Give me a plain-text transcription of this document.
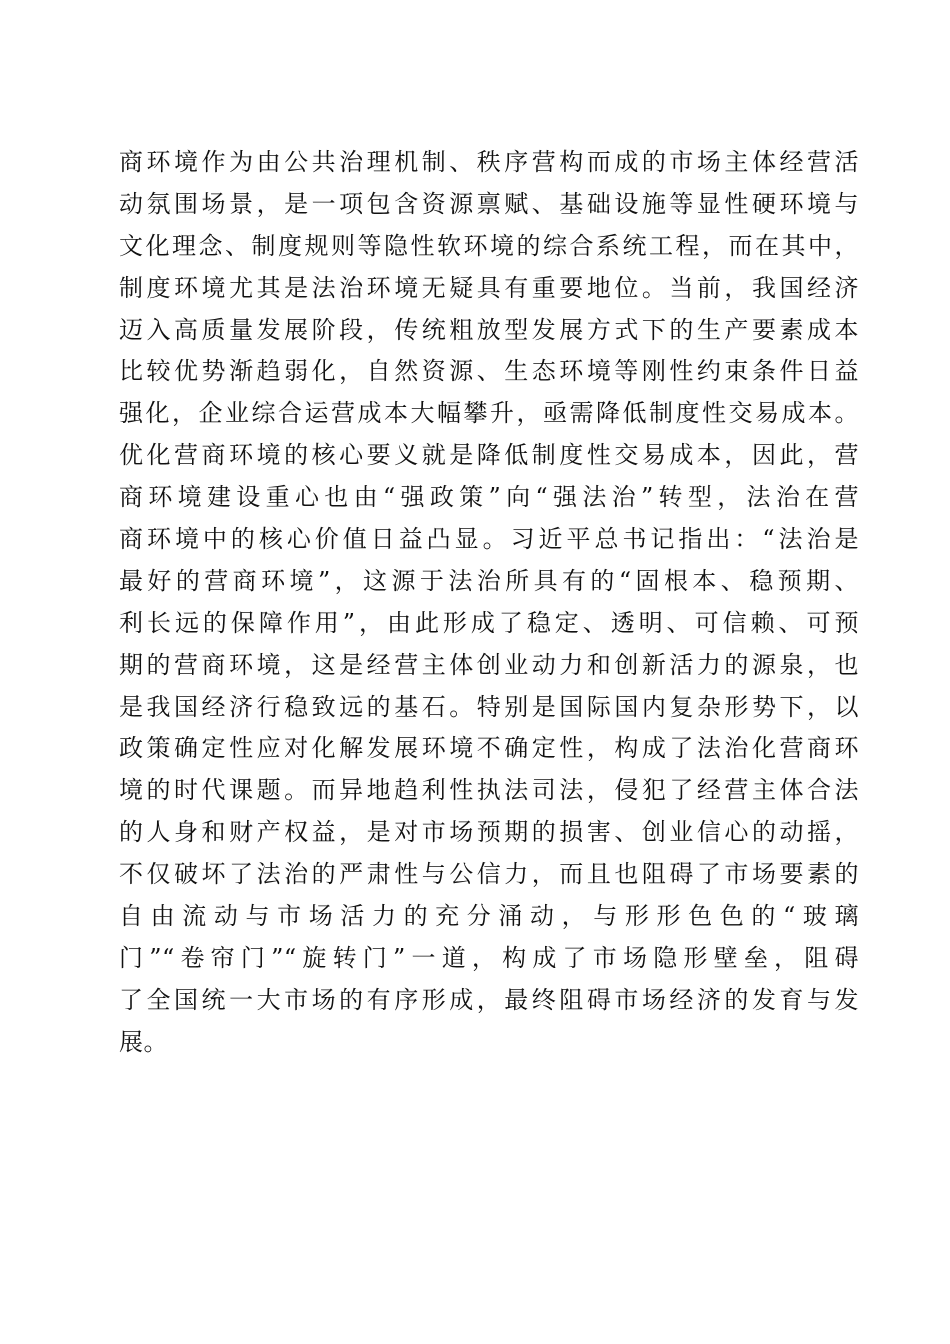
商环境作为由公共治理机制、秩序营构而成的市场主体经营活
动氛围场景，是一项包含资源禀赋、基础设施等显性硬环境与
文化理念、制度规则等隐性软环境的综合系统工程，而在其中，
制度环境尤其是法治环境无疑具有重要地位。当前，我国经济
迈入高质量发展阶段，传统粗放型发展方式下的生产要素成本
比较优势渐趋弱化，自然资源、生态环境等刚性约束条件日益
强化，企业综合运营成本大幅攀升，亟需降低制度性交易成本。
优化营商环境的核心要义就是降低制度性交易成本，因此，营
商环境建设重心也由“强政策”向“强法治”转型，法治在营
商环境中的核心价值日益凸显。习近平总书记指出：“法治是
最好的营商环境”，这源于法治所具有的“固根本、稳预期、
利长远的保障作用”，由此形成了稳定、透明、可信赖、可预
期的营商环境，这是经营主体创业动力和创新活力的源泉，也
是我国经济行稳致远的基石。特别是国际国内复杂形势下，以
政策确定性应对化解发展环境不确定性，构成了法治化营商环
境的时代课题。而异地趋利性执法司法，侵犯了经营主体合法
的人身和财产权益，是对市场预期的损害、创业信心的动摇，
不仅破坏了法治的严肃性与公信力，而且也阻碍了市场要素的
自由流动与市场活力的充分涌动，与形形色色的“玻璃
门”“卷帘门”“旋转门”一道，构成了市场隐形壁垒，阻碍
了全国统一大市场的有序形成，最终阻碍市场经济的发育与发
展。
